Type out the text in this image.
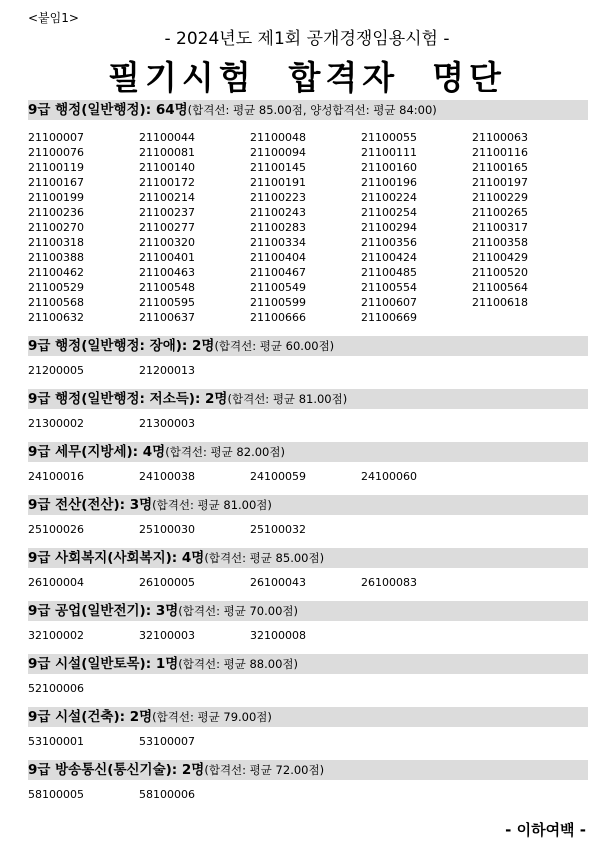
<붙임1>
- 2024년도 제1회 공개경쟁임용시험 -
필기시험  합격자  명단
9급 행정(일반행정): 64명(합격선: 평균 85.00점, 양성합격선: 평균 84:00)
21100007	21100044	21100048	21100055	21100063
21100076	21100081	21100094	21100111	21100116
21100119	21100140	21100145	21100160	21100165
21100167	21100172	21100191	21100196	21100197
21100199	21100214	21100223	21100224	21100229
21100236	21100237	21100243	21100254	21100265
21100270	21100277	21100283	21100294	21100317
21100318	21100320	21100334	21100356	21100358
21100388	21100401	21100404	21100424	21100429
21100462	21100463	21100467	21100485	21100520
21100529	21100548	21100549	21100554	21100564
21100568	21100595	21100599	21100607	21100618
21100632	21100637	21100666	21100669
9급 행정(일반행정: 장애): 2명(합격선: 평균 60.00점)
21200005	21200013
9급 행정(일반행정: 저소득): 2명(합격선: 평균 81.00점)
21300002	21300003
9급 세무(지방세): 4명(합격선: 평균 82.00점)
24100016	24100038	24100059	24100060
9급 전산(전산): 3명(합격선: 평균 81.00점)
25100026	25100030	25100032
9급 사회복지(사회복지): 4명(합격선: 평균 85.00점)
26100004	26100005	26100043	26100083
9급 공업(일반전기): 3명(합격선: 평균 70.00점)
32100002	32100003	32100008
9급 시설(일반토목): 1명(합격선: 평균 88.00점)
52100006
9급 시설(건축): 2명(합격선: 평균 79.00점)
53100001	53100007
9급 방송통신(통신기술): 2명(합격선: 평균 72.00점)
58100005	58100006
- 이하여백 -
